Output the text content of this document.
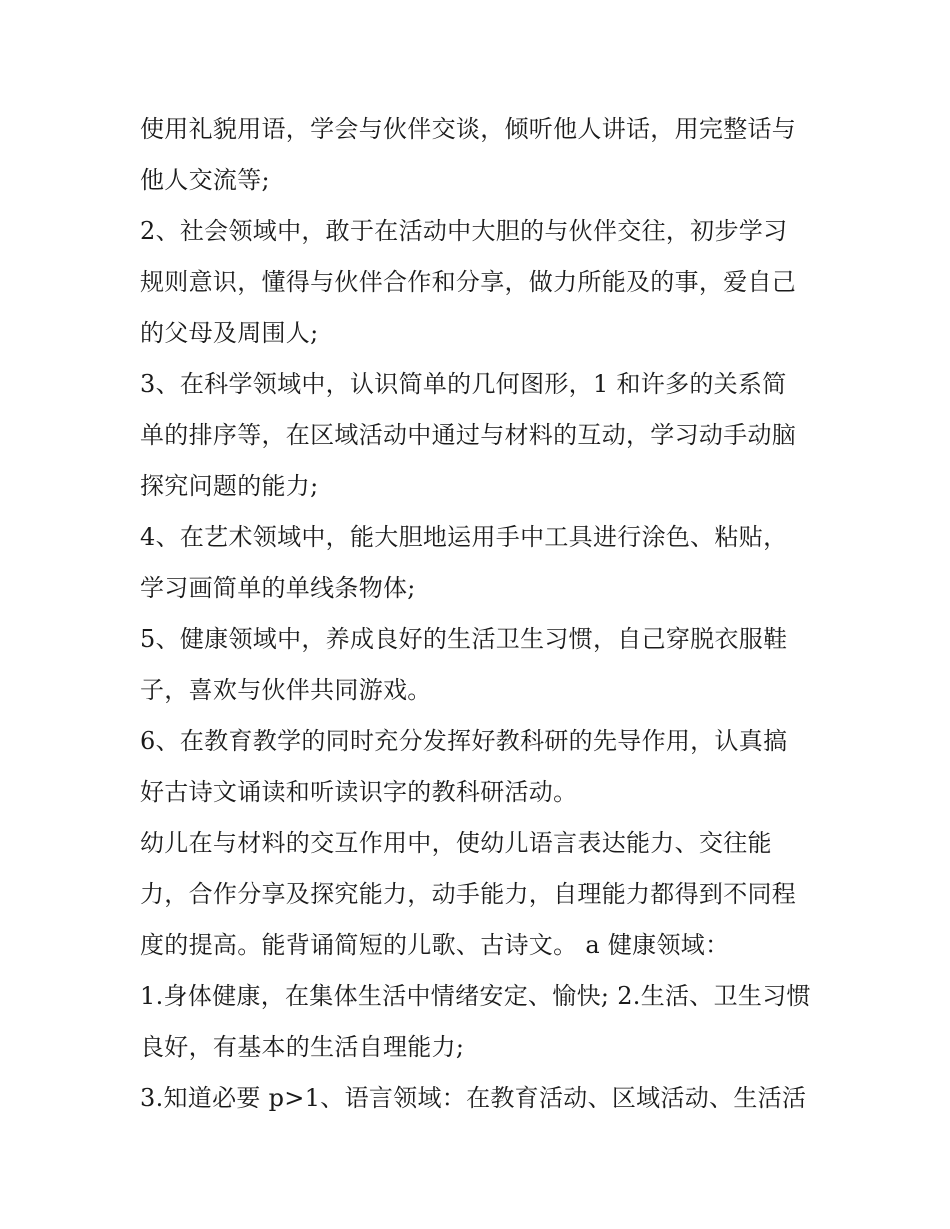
使用礼貌用语，学会与伙伴交谈，倾听他人讲话，用完整话与
他人交流等;
2、社会领域中，敢于在活动中大胆的与伙伴交往，初步学习
规则意识，懂得与伙伴合作和分享，做力所能及的事，爱自己
的父母及周围人;
3、在科学领域中，认识简单的几何图形，1 和许多的关系简
单的排序等，在区域活动中通过与材料的互动，学习动手动脑
探究问题的能力;
4、在艺术领域中，能大胆地运用手中工具进行涂色、粘贴，
学习画简单的单线条物体;
5、健康领域中，养成良好的生活卫生习惯，自己穿脱衣服鞋
子，喜欢与伙伴共同游戏。
6、在教育教学的同时充分发挥好教科研的先导作用，认真搞
好古诗文诵读和听读识字的教科研活动。
幼儿在与材料的交互作用中，使幼儿语言表达能力、交往能
力，合作分享及探究能力，动手能力，自理能力都得到不同程
度的提高。能背诵简短的儿歌、古诗文。 a 健康领域：
1.身体健康，在集体生活中情绪安定、愉快; 2.生活、卫生习惯
良好，有基本的生活自理能力;
3.知道必要 p>1、语言领域：在教育活动、区域活动、生活活
